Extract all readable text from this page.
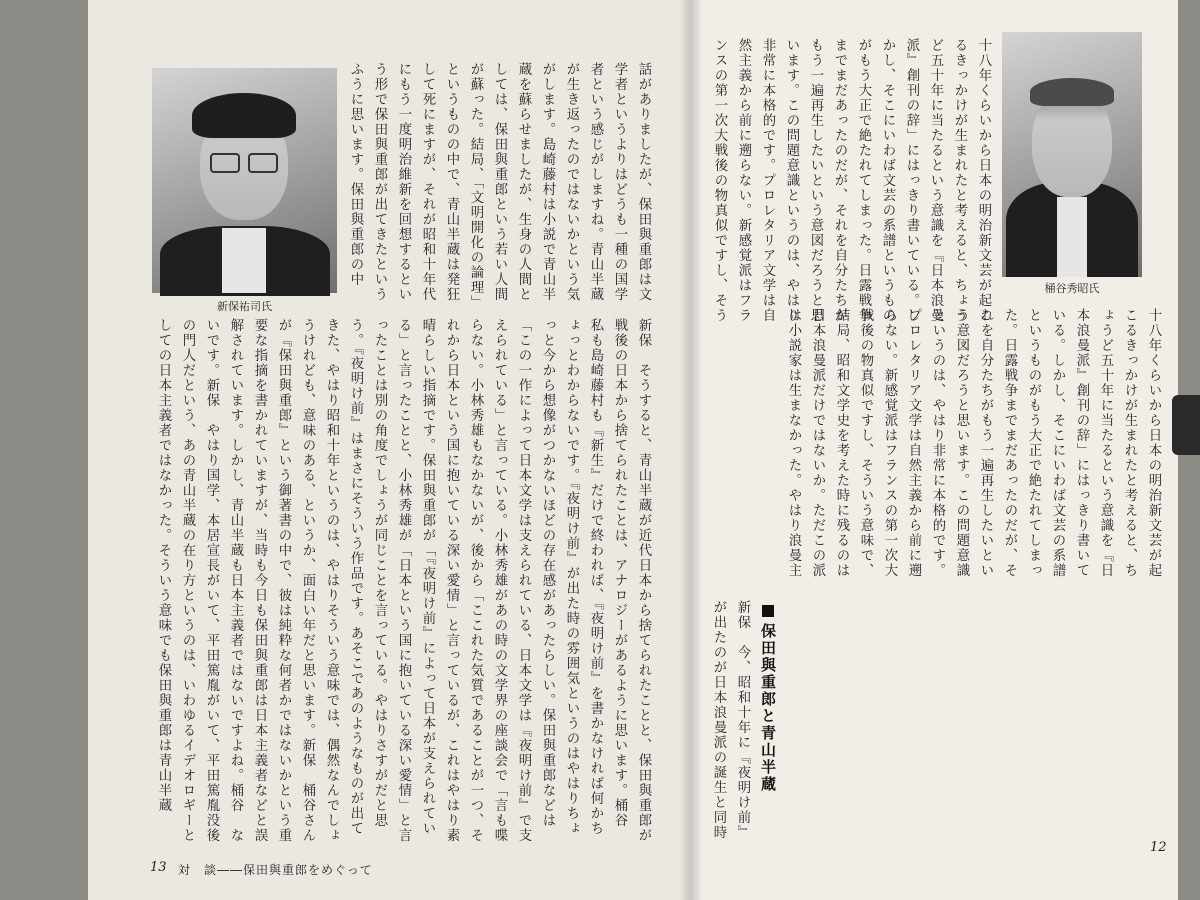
新保祐司氏

話がありましたが、保田與重郎は文学者というよりはどうも一種の国学者という感じがしますね。青山半蔵が生き返ったのではないかという気がします。島崎藤村は小説で青山半蔵を蘇らせましたが、生身の人間としては、保田與重郎という若い人間が蘇った。結局、「文明開化の論理」というものの中で、青山半蔵は発狂して死にますが、それが昭和十年代にもう一度明治維新を回想するという形で保田與重郎が出てきたというふうに思います。保田與重郎の中

新保　そうすると、青山半蔵が近代日本から捨てられたことと、保田與重郎が戦後の日本から捨てられたことは、アナロジーがあるように思います。桶谷　私も島崎藤村も『新生』だけで終われば、『夜明け前』を書かなければ何かちょっとわからないです。『夜明け前』が出た時の雰囲気というのはやはりちょっと今から想像がつかないほどの存在感があったらしい。保田與重郎などは「この一作によって日本文学は支えられている、日本文学は『夜明け前』で支えられている」と言っている。小林秀雄があの時の文学界の座談会で「言も喋らない。小林秀雄もなかないが、後から「ここれた気質であることが一つ、それから日本という国に抱いている深い愛情」と言っているが、これはやはり素晴らしい指摘です。保田與重郎が「『夜明け前』によって日本が支えられている」と言ったことと、小林秀雄が「日本という国に抱いている深い愛情」と言ったことは別の角度でしょうが同じことを言っている。やはりさすがだと思う。『夜明け前』はまさにそういう作品です。あそこであのようなものが出てきた、やはり昭和十年というのは、やはりそういう意味では、偶然なんでしょうけれども、意味のある、というか、面白い年だと思います。新保　桶谷さんが『保田與重郎』という御著書の中で、彼は純粋な何者かではないかという重要な指摘を書かれていますが、当時も今日も保田與重郎は日本主義者などと誤解されています。しかし、青山半蔵も日本主義者ではないですよね。桶谷　ないです。新保　やはり国学、本居宣長がいて、平田篤胤がいて、平田篤胤没後の門人だという、あの青山半蔵の在り方というのは、いわゆるイデオロギーとしての日本主義者ではなかった。そういう意味でも保田與重郎は青山半蔵

13 対　談――保田與重郎をめぐって

十八年くらいから日本の明治新文芸が起こるきっかけが生まれたと考えると、ちょうど五十年に当たるという意識を『日本浪曼派』創刊の辞」にはっきり書いている。しかし、そこにいわば文芸の系譜というものがもう大正で絶たれてしまった。日露戦争までまだあったのだが、それを自分たちがもう一遍再生したいという意図だろうと思います。この問題意識というのは、やはり非常に本格的です。プロレタリア文学は自然主義から前に遡らない。新感覚派はフランスの第一次大戦後の物真似ですし、そう　　　

桶谷秀昭氏

十八年くらいから日本の明治新文芸が起こるきっかけが生まれたと考えると、ちょうど五十年に当たるという意識を『日本浪曼派』創刊の辞」にはっきり書いている。しかし、そこにいわば文芸の系譜というものがもう大正で絶たれてしまった。日露戦争までまだあったのだが、それを自分たちがもう一遍再生したいという意図だろうと思います。この問題意識というのは、やはり非常に本格的です。プロレタリア文学は自然主義から前に遡らない。新感覚派はフランスの第一次大戦後の物真似ですし、そういう意味で、結局、昭和文学史を考えた時に残るのは日本浪曼派だけではないか。ただこの派は小説家は生まなかった。やはり浪曼主　　　

保田與重郎と青山半蔵

新保　今、昭和十年に『夜明け前』が出たのが日本浪曼派の誕生と同時

12
